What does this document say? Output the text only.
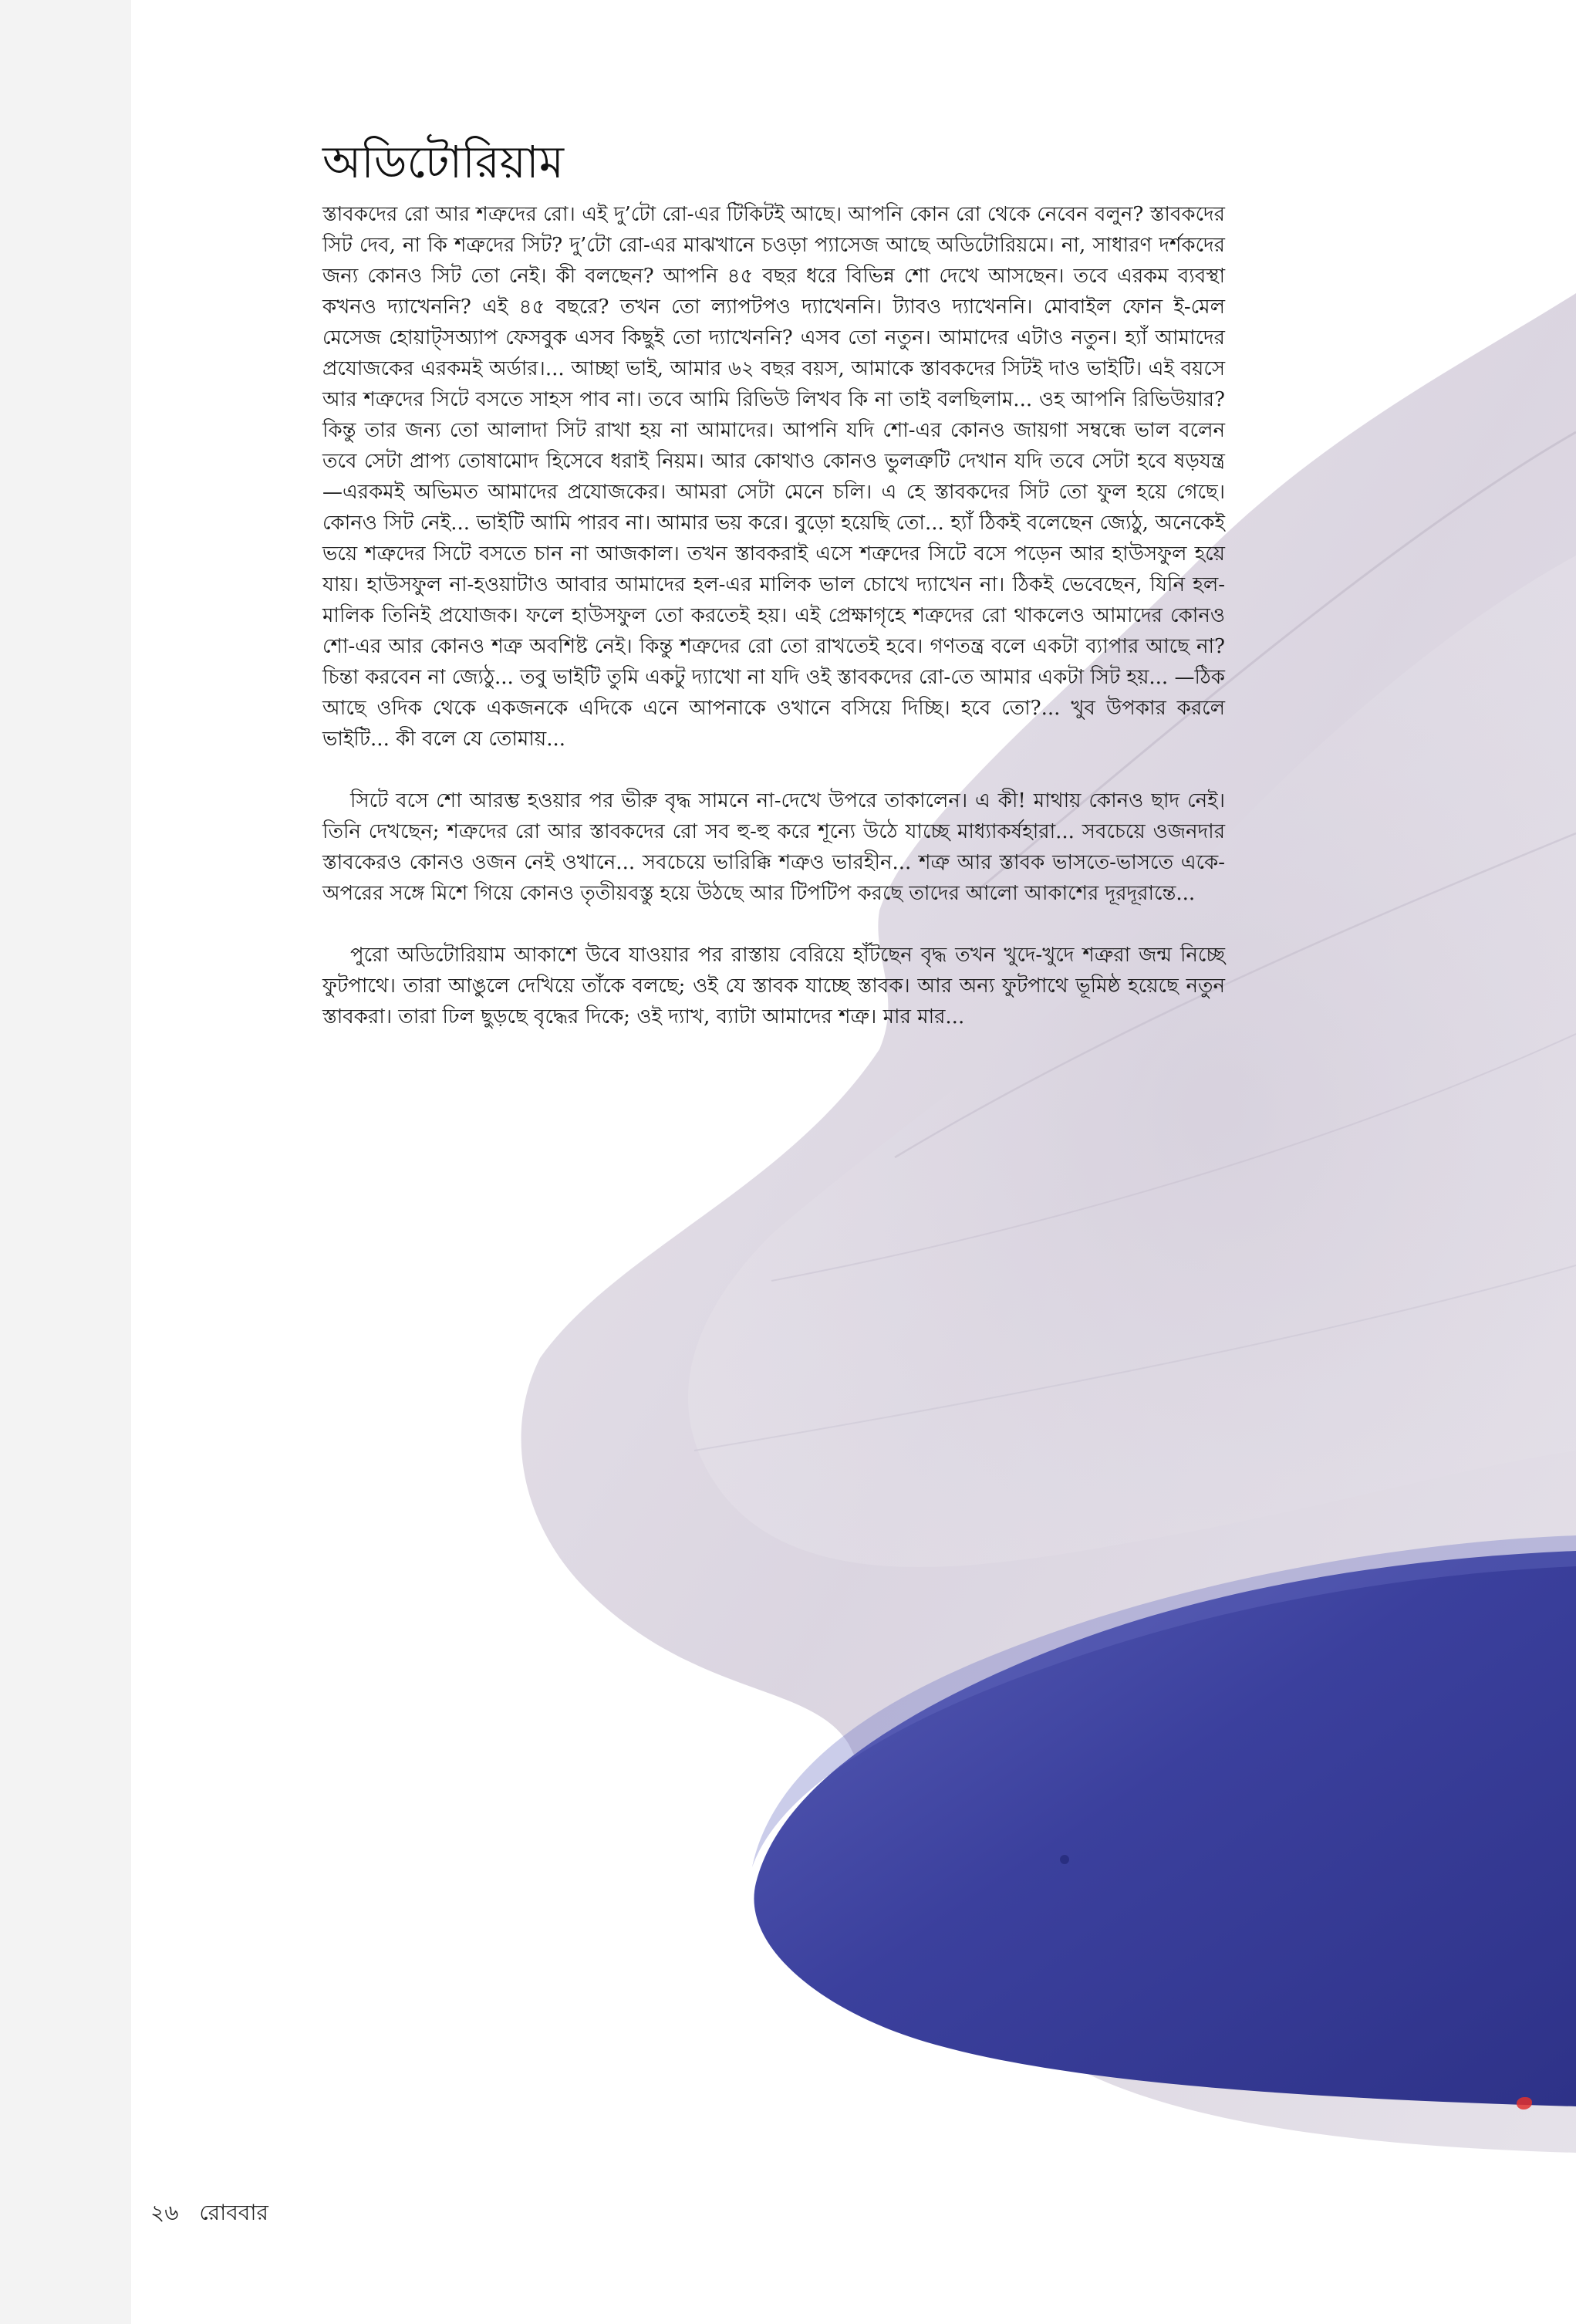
অডিটোরিয়াম

স্তাবকদের রো আর শত্রুদের রো। এই দু’টো রো-এর টিকিটই আছে। আপনি কোন রো থেকে নেবেন বলুন? স্তাবকদের সিট দেব, না কি শত্রুদের সিট? দু’টো রো-এর মাঝখানে চওড়া প্যাসেজ আছে অডিটোরিয়মে। না, সাধারণ দর্শকদের জন্য কোনও সিট তো নেই। কী বলছেন? আপনি ৪৫ বছর ধরে বিভিন্ন শো দেখে আসছেন। তবে এরকম ব্যবস্থা কখনও দ্যাখেননি? এই ৪৫ বছরে? তখন তো ল্যাপটপও দ্যাখেননি। ট্যাবও দ্যাখেননি। মোবাইল ফোন ই-মেল মেসেজ হোয়াট্‌সঅ্যাপ ফেসবুক এসব কিছুই তো দ্যাখেননি? এসব তো নতুন। আমাদের এটাও নতুন। হ্যাঁ আমাদের প্রযোজকের এরকমই অর্ডার।... আচ্ছা ভাই, আমার ৬২ বছর বয়স, আমাকে স্তাবকদের সিটই দাও ভাইটি। এই বয়সে আর শত্রুদের সিটে বসতে সাহস পাব না। তবে আমি রিভিউ লিখব কি না তাই বলছিলাম... ওহ আপনি রিভিউয়ার? কিন্তু তার জন্য তো আলাদা সিট রাখা হয় না আমাদের। আপনি যদি শো-এর কোনও জায়গা সম্বন্ধে ভাল বলেন তবে সেটা প্রাপ্য তোষামোদ হিসেবে ধরাই নিয়ম। আর কোথাও কোনও ভুলত্রুটি দেখান যদি তবে সেটা হবে ষড়যন্ত্র—এরকমই অভিমত আমাদের প্রযোজকের। আমরা সেটা মেনে চলি। এ হে স্তাবকদের সিট তো ফুল হয়ে গেছে। কোনও সিট নেই... ভাইটি আমি পারব না। আমার ভয় করে। বুড়ো হয়েছি তো... হ্যাঁ ঠিকই বলেছেন জ্যেঠু, অনেকেই ভয়ে শত্রুদের সিটে বসতে চান না আজকাল। তখন স্তাবকরাই এসে শত্রুদের সিটে বসে পড়েন আর হাউসফুল হয়ে যায়। হাউসফুল না-হওয়াটাও আবার আমাদের হল-এর মালিক ভাল চোখে দ্যাখেন না। ঠিকই ভেবেছেন, যিনি হল-মালিক তিনিই প্রযোজক। ফলে হাউসফুল তো করতেই হয়। এই প্রেক্ষাগৃহে শত্রুদের রো থাকলেও আমাদের কোনও শো-এর আর কোনও শত্রু অবশিষ্ট নেই। কিন্তু শত্রুদের রো তো রাখতেই হবে। গণতন্ত্র বলে একটা ব্যাপার আছে না? চিন্তা করবেন না জ্যেঠু... তবু ভাইটি তুমি একটু দ্যাখো না যদি ওই স্তাবকদের রো-তে আমার একটা সিট হয়... —ঠিক আছে ওদিক থেকে একজনকে এদিকে এনে আপনাকে ওখানে বসিয়ে দিচ্ছি। হবে তো?... খুব উপকার করলে ভাইটি... কী বলে যে তোমায়...

সিটে বসে শো আরম্ভ হওয়ার পর ভীরু বৃদ্ধ সামনে না-দেখে উপরে তাকালেন। এ কী! মাথায় কোনও ছাদ নেই। তিনি দেখছেন; শত্রুদের রো আর স্তাবকদের রো সব হু-হু করে শূন্যে উঠে যাচ্ছে মাধ্যাকর্ষহারা... সবচেয়ে ওজনদার স্তাবকেরও কোনও ওজন নেই ওখানে... সবচেয়ে ভারিক্কি শত্রুও ভারহীন... শত্রু আর স্তাবক ভাসতে-ভাসতে একে-অপরের সঙ্গে মিশে গিয়ে কোনও তৃতীয়বস্তু হয়ে উঠছে আর টিপটিপ করছে তাদের আলো আকাশের দূরদূরান্তে...

পুরো অডিটোরিয়াম আকাশে উবে যাওয়ার পর রাস্তায় বেরিয়ে হাঁটছেন বৃদ্ধ তখন খুদে-খুদে শত্রুরা জন্ম নিচ্ছে ফুটপাথে। তারা আঙুলে দেখিয়ে তাঁকে বলছে; ওই যে স্তাবক যাচ্ছে স্তাবক। আর অন্য ফুটপাথে ভূমিষ্ঠ হয়েছে নতুন স্তাবকরা। তারা ঢিল ছুড়ছে বৃদ্ধের দিকে; ওই দ্যাখ, ব্যাটা আমাদের শত্রু। মার মার...

২৬ রোববার
